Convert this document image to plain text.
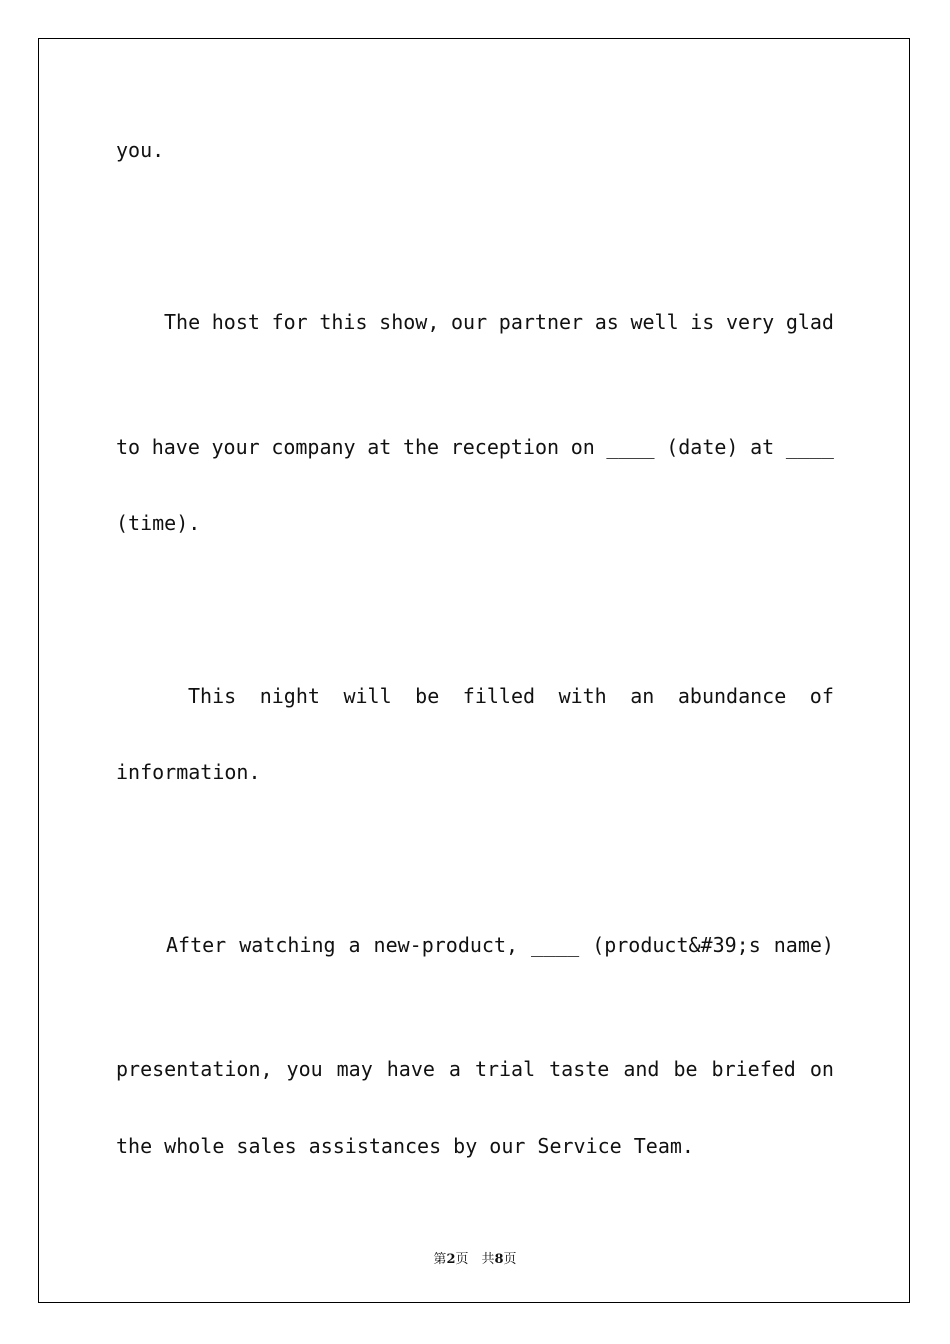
you.

The host for this show, our partner as well is very glad

to have your company at the reception on ____ (date) at ____

(time).

This night will be filled with an abundance of

information.

After watching a new-product, ____ (product&#39;s name)

presentation, you may have a trial taste and be briefed on

the whole sales assistances by our Service Team.
第2页　共8页
